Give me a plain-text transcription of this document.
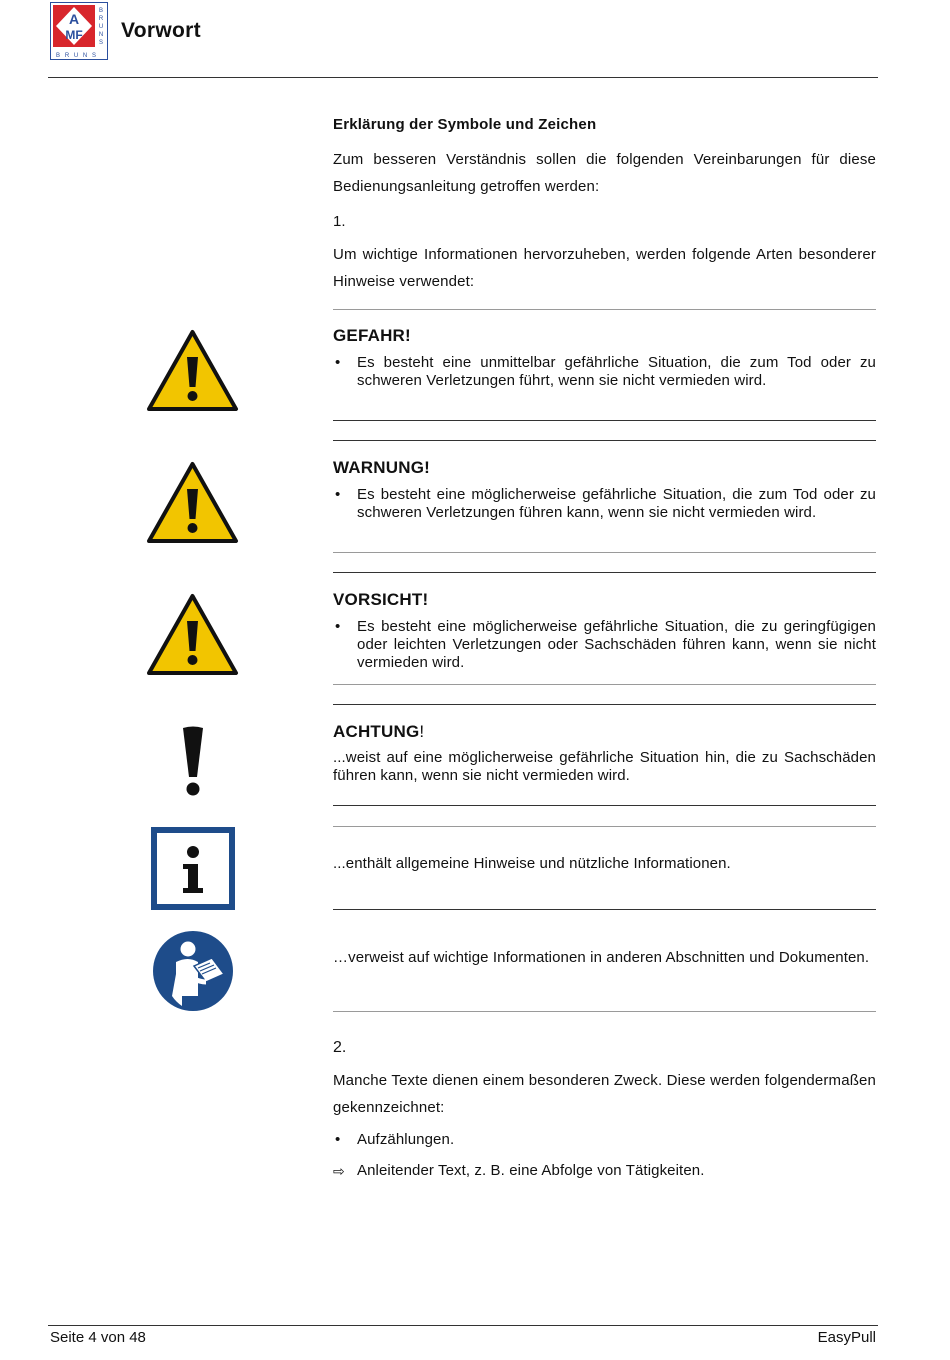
A
MF
B
R
U
N
S
B R U N S
Vorwort
Erklärung der Symbole und Zeichen
Zum besseren Verständnis sollen die folgenden Vereinbarungen für diese Bedienungsanleitung getroffen werden:
1.
Um wichtige Informationen hervorzuheben, werden folgende Arten besonderer Hinweise verwendet:
GEFAHR!
• Es besteht eine unmittelbar gefährliche Situation, die zum Tod oder zu schweren Verletzungen führt, wenn sie nicht vermieden wird.
WARNUNG!
• Es besteht eine möglicherweise gefährliche Situation, die zum Tod oder zu schweren Verletzungen führen kann, wenn sie nicht vermieden wird.
VORSICHT!
• Es besteht eine möglicherweise gefährliche Situation, die zu geringfügigen oder leichten Verletzungen oder Sachschäden führen kann, wenn sie nicht vermieden wird.
ACHTUNG!
...weist auf eine möglicherweise gefährliche Situation hin, die zu Sachschäden führen kann, wenn sie nicht vermieden wird.
...enthält allgemeine Hinweise und nützliche Informationen.
…verweist auf wichtige Informationen in anderen Abschnitten und Dokumenten.
2.
Manche Texte dienen einem besonderen Zweck. Diese werden folgendermaßen gekennzeichnet:
• Aufzählungen.
⇨ Anleitender Text, z. B. eine Abfolge von Tätigkeiten.
Seite 4 von 48	EasyPull
